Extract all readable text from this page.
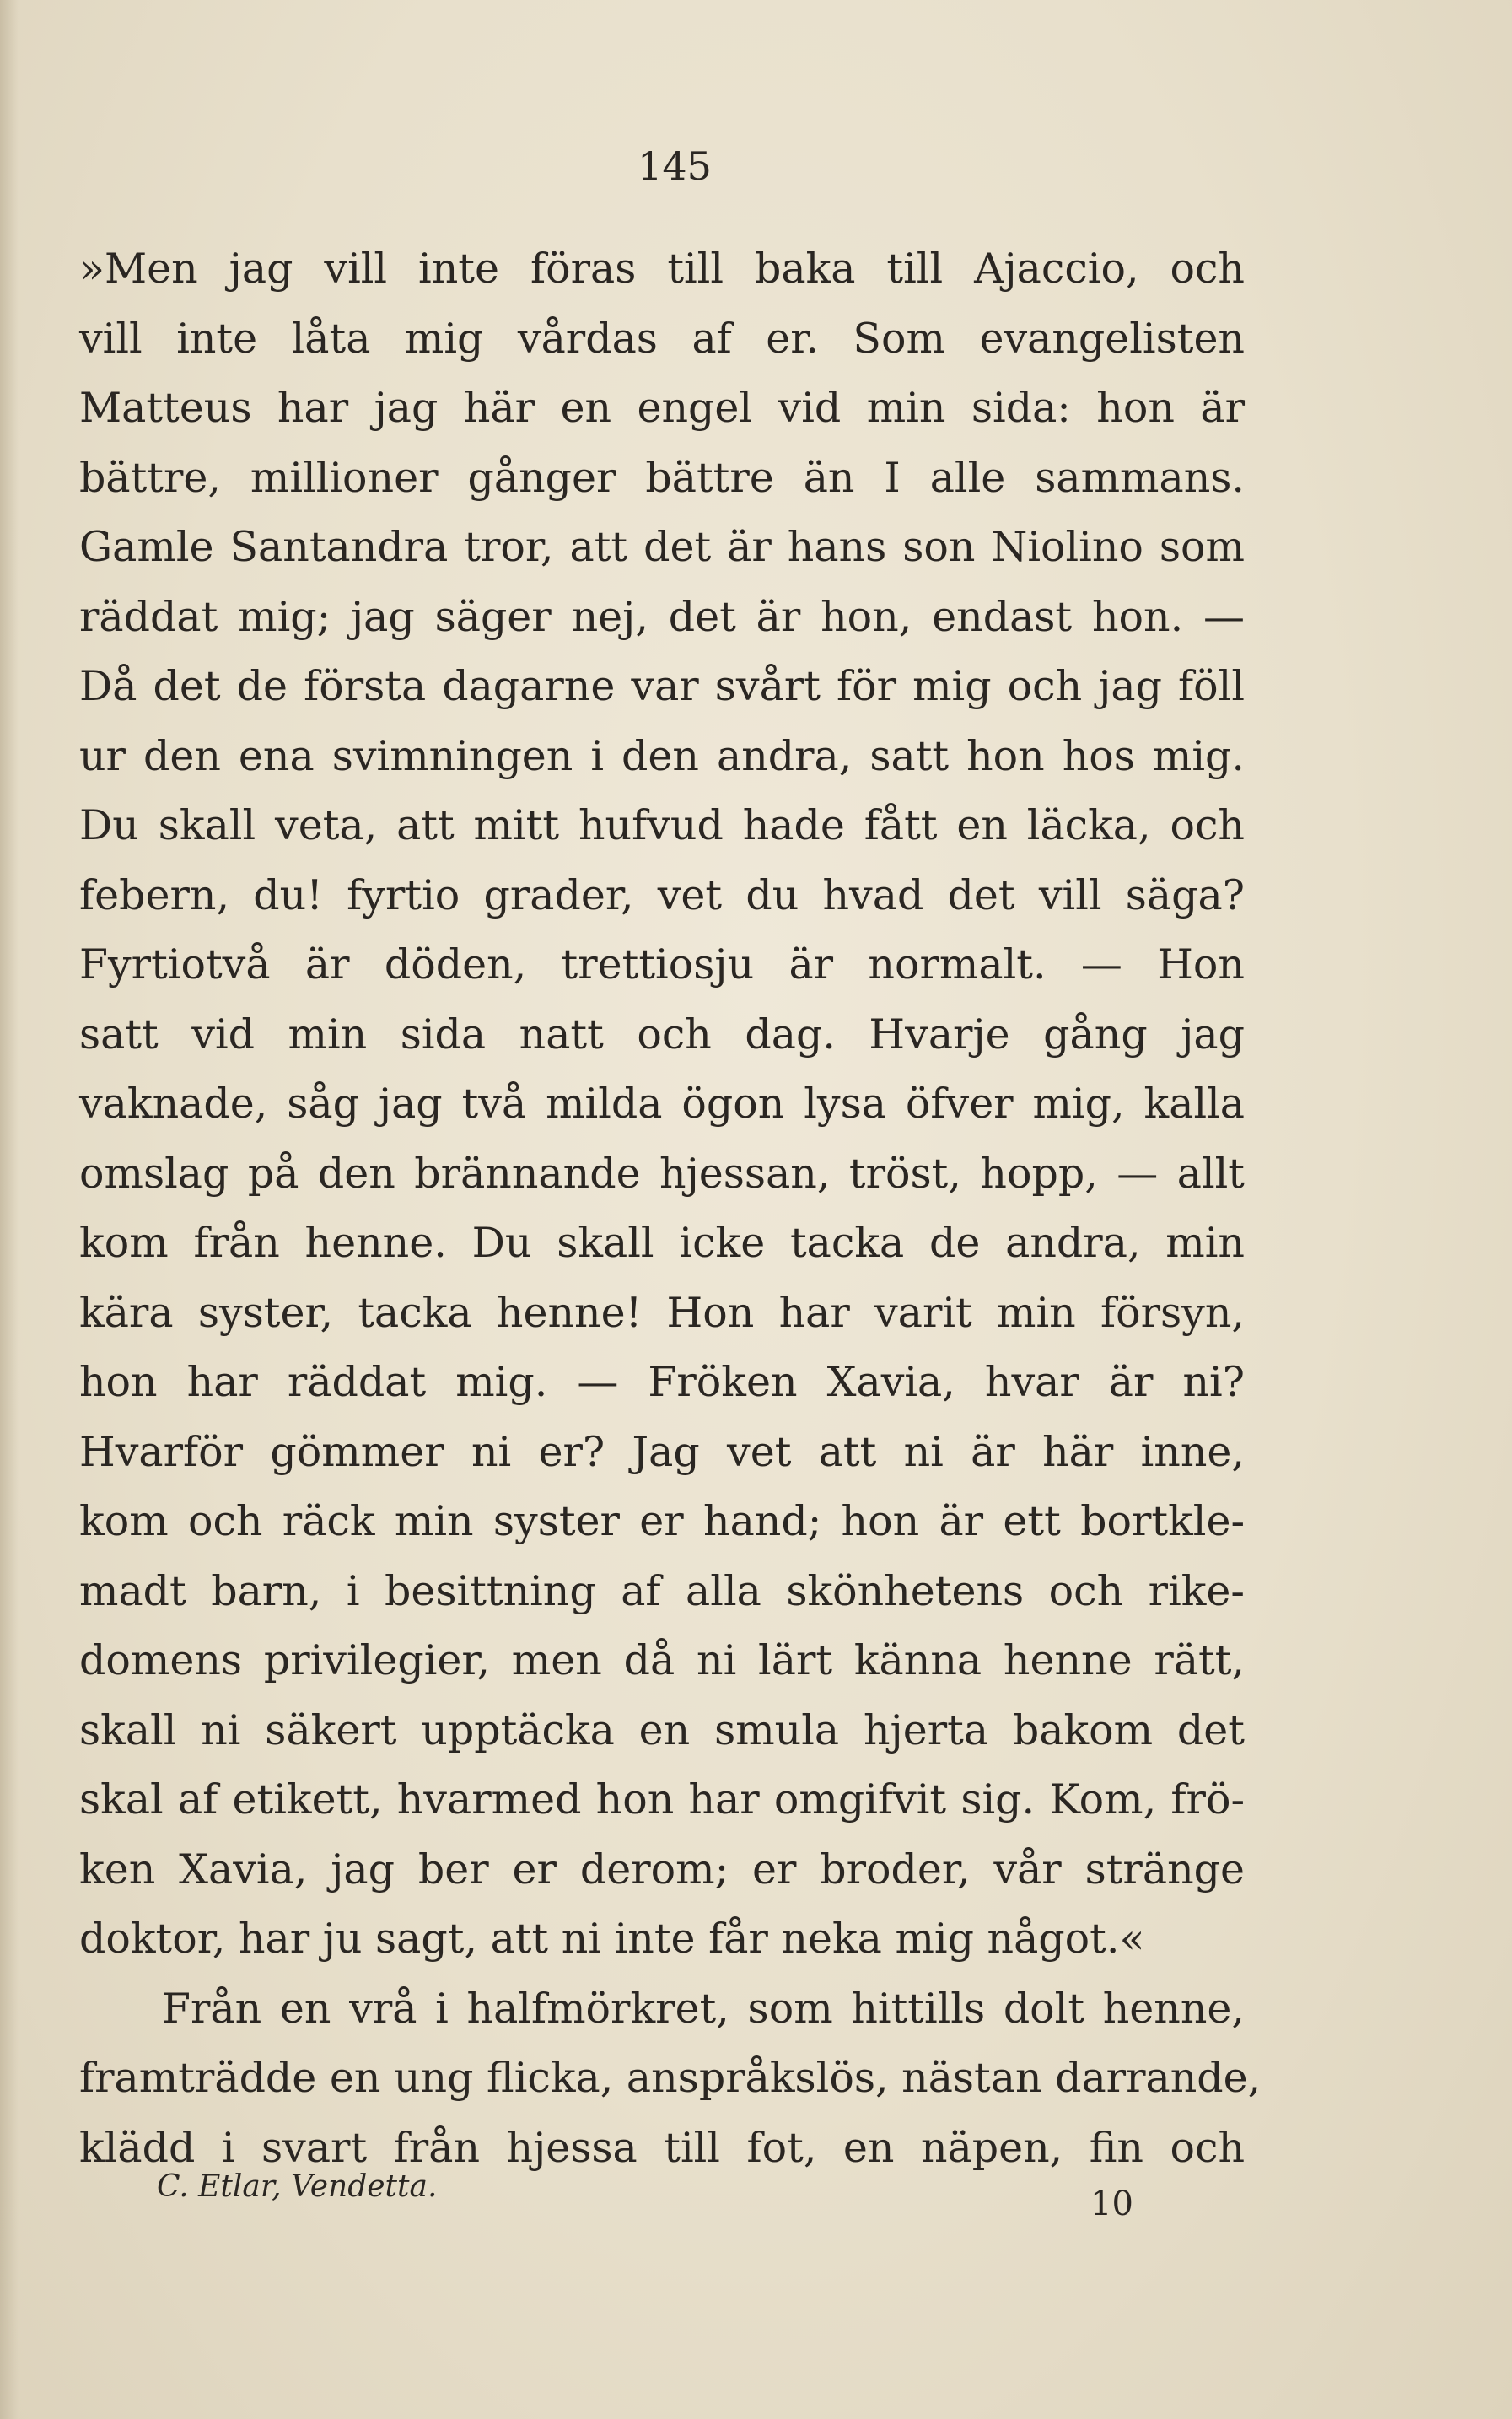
145
»Men jag vill inte föras till baka till Ajaccio, och
vill inte låta mig vårdas af er. Som evangelisten
Matteus har jag här en engel vid min sida: hon är
bättre, millioner gånger bättre än I alle sammans.
Gamle Santandra tror, att det är hans son Niolino som
räddat mig; jag säger nej, det är hon, endast hon. —
Då det de första dagarne var svårt för mig och jag föll
ur den ena svimningen i den andra, satt hon hos mig.
Du skall veta, att mitt hufvud hade fått en läcka, och
febern, du! fyrtio grader, vet du hvad det vill säga?
Fyrtiotvå är döden, trettiosju är normalt. — Hon
satt vid min sida natt och dag. Hvarje gång jag
vaknade, såg jag två milda ögon lysa öfver mig, kalla
omslag på den brännande hjessan, tröst, hopp, — allt
kom från henne. Du skall icke tacka de andra, min
kära syster, tacka henne! Hon har varit min försyn,
hon har räddat mig. — Fröken Xavia, hvar är ni?
Hvarför gömmer ni er? Jag vet att ni är här inne,
kom och räck min syster er hand; hon är ett bortkle-
madt barn, i besittning af alla skönhetens och rike-
domens privilegier, men då ni lärt känna henne rätt,
skall ni säkert upptäcka en smula hjerta bakom det
skal af etikett, hvarmed hon har omgifvit sig. Kom, frö-
ken Xavia, jag ber er derom; er broder, vår stränge
doktor, har ju sagt, att ni inte får neka mig något.«
Från en vrå i halfmörkret, som hittills dolt henne,
framträdde en ung flicka, anspråkslös, nästan darrande,
klädd i svart från hjessa till fot, en näpen, fin och
C. Etlar, Vendetta.	10
